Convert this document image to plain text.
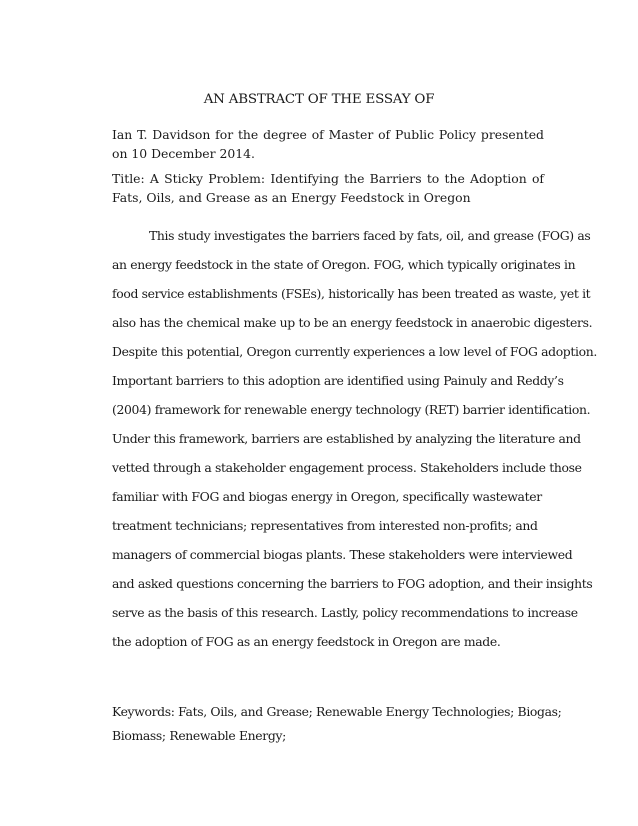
AN ABSTRACT OF THE ESSAY OF

Ian T. Davidson for the degree of Master of Public Policy presented on 10 December 2014.

Title: A Sticky Problem: Identifying the Barriers to the Adoption of Fats, Oils, and Grease as an Energy Feedstock in Oregon

This study investigates the barriers faced by fats, oil, and grease (FOG) as
an energy feedstock in the state of Oregon. FOG, which typically originates in
food service establishments (FSEs), historically has been treated as waste, yet it
also has the chemical make up to be an energy feedstock in anaerobic digesters.
Despite this potential, Oregon currently experiences a low level of FOG adoption.
Important barriers to this adoption are identified using Painuly and Reddy’s
(2004) framework for renewable energy technology (RET) barrier identification.
Under this framework, barriers are established by analyzing the literature and
vetted through a stakeholder engagement process. Stakeholders include those
familiar with FOG and biogas energy in Oregon, specifically wastewater
treatment technicians; representatives from interested non-profits; and
managers of commercial biogas plants. These stakeholders were interviewed
and asked questions concerning the barriers to FOG adoption, and their insights
serve as the basis of this research. Lastly, policy recommendations to increase
the adoption of FOG as an energy feedstock in Oregon are made.
Keywords: Fats, Oils, and Grease; Renewable Energy Technologies; Biogas;
Biomass; Renewable Energy;
